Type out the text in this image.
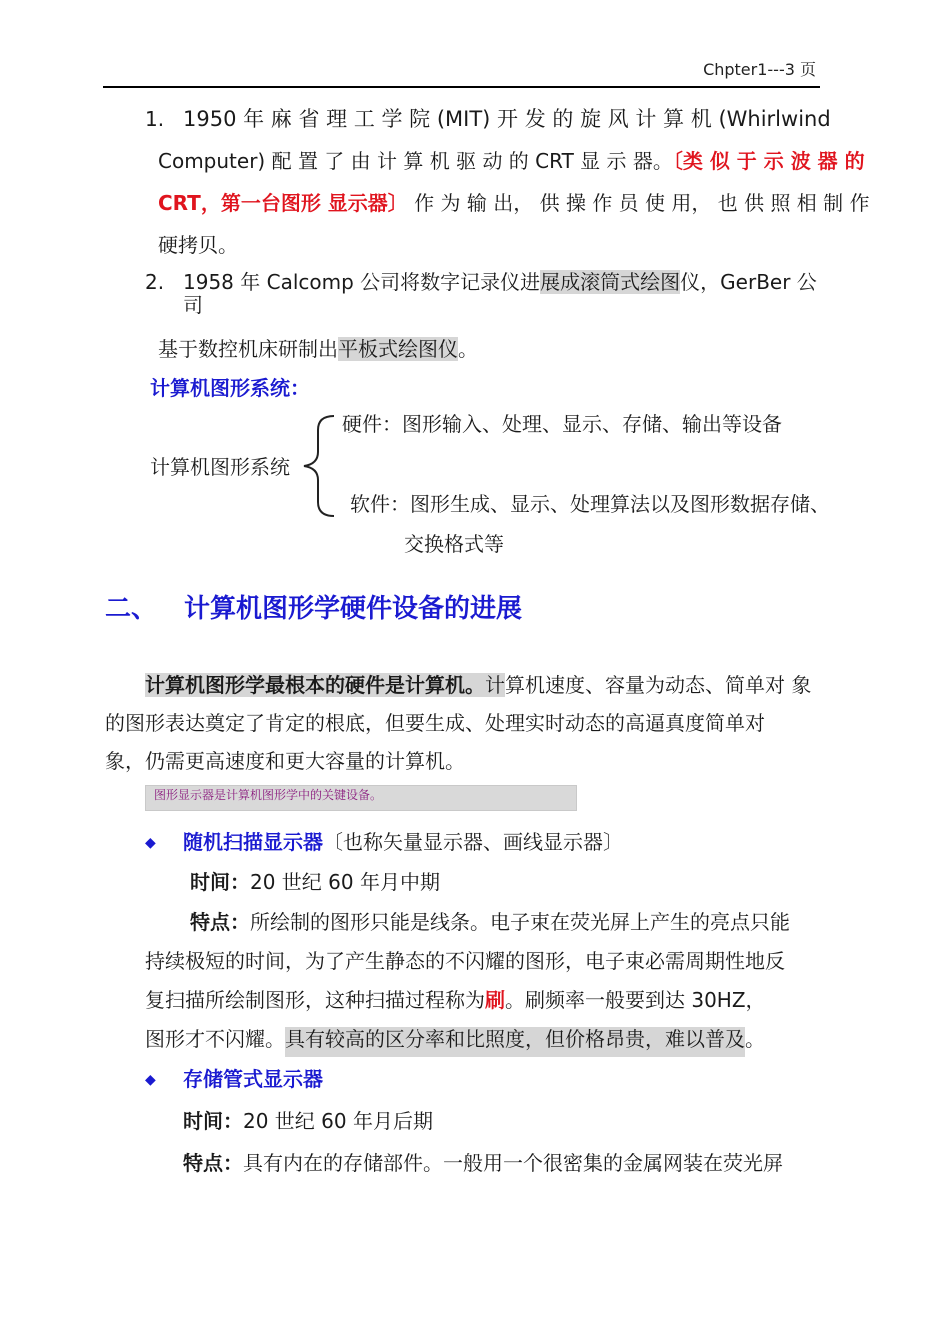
Chpter1---3 页
1. 1950 年 麻 省 理 工 学 院 (MIT) 开 发 的 旋 风 计 算 机 (Whirlwind
Computer) 配 置 了 由 计 算 机 驱 动 的 CRT 显 示 器。〔类 似 于 示 波 器 的
CRT，第一台图形 显示器〕 作 为 输 出， 供 操 作 员 使 用， 也 供 照 相 制 作
硬拷贝。
2. 1958 年 Calcomp 公司将数字记录仪进展成滚筒式绘图仪，GerBer 公
司
基于数控机床研制出平板式绘图仪。
计算机图形系统：
硬件：图形输入、处理、显示、存储、输出等设备
计算机图形系统
软件：图形生成、显示、处理算法以及图形数据存储、
交换格式等
二、 计算机图形学硬件设备的进展
计算机图形学最根本的硬件是计算机。计算机速度、容量为动态、简单对 象
的图形表达奠定了肯定的根底，但要生成、处理实时动态的高逼真度简单对
象，仍需更高速度和更大容量的计算机。
图形显示器是计算机图形学中的关键设备。
◆ 随机扫描显示器〔也称矢量显示器、画线显示器〕
时间：20 世纪 60 年月中期
特点：所绘制的图形只能是线条。电子束在荧光屏上产生的亮点只能
持续极短的时间，为了产生静态的不闪耀的图形，电子束必需周期性地反
复扫描所绘制图形，这种扫描过程称为刷。刷频率一般要到达 30HZ，
图形才不闪耀。具有较高的区分率和比照度，但价格昂贵，难以普及。
◆ 存储管式显示器
时间：20 世纪 60 年月后期
特点：具有内在的存储部件。一般用一个很密集的金属网装在荧光屏
